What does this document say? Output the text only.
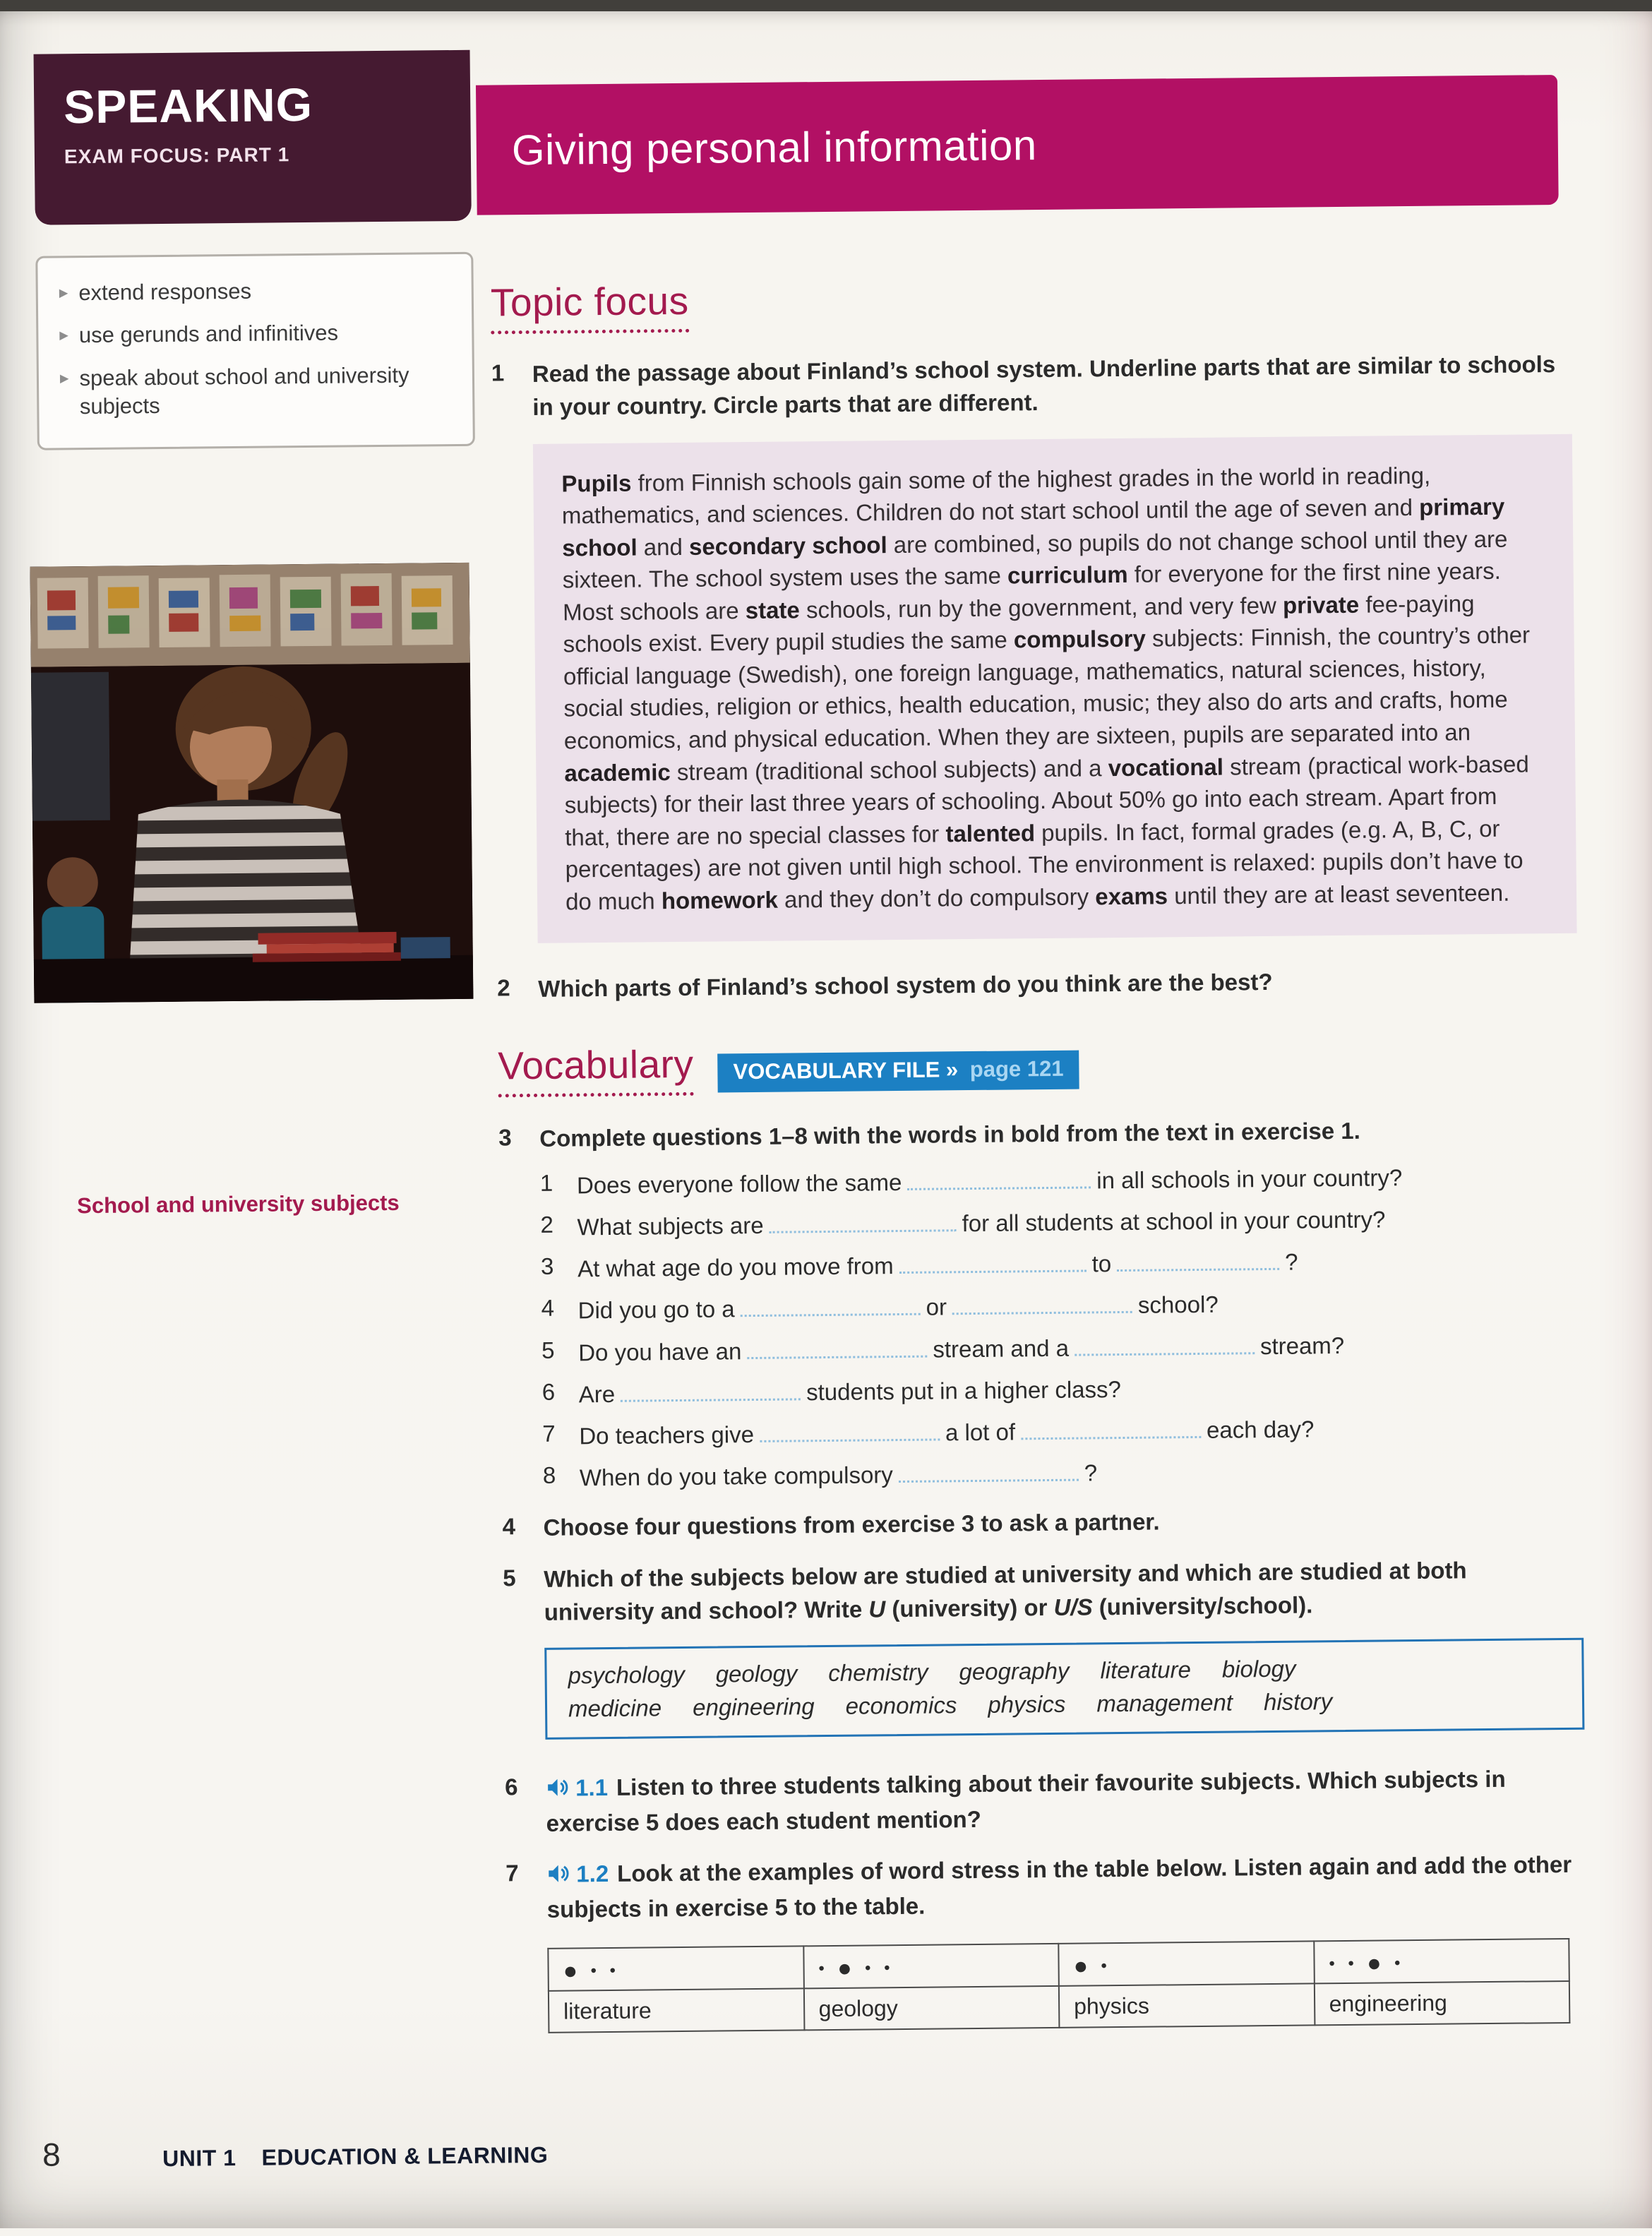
SPEAKING
EXAM FOCUS: PART 1	Giving personal information
▸ extend responses
▸ use gerunds and infinitives
▸ speak about school and university subjects
School and university subjects
Topic focus
1	Read the passage about Finland’s school system. Underline parts that are similar to schools in your country. Circle parts that are different.
Pupils from Finnish schools gain some of the highest grades in the world in reading, mathematics, and sciences. Children do not start school until the age of seven and primary school and secondary school are combined, so pupils do not change school until they are sixteen. The school system uses the same curriculum for everyone for the first nine years. Most schools are state schools, run by the government, and very few private fee-paying schools exist. Every pupil studies the same compulsory subjects: Finnish, the country’s other official language (Swedish), one foreign language, mathematics, natural sciences, history, social studies, religion or ethics, health education, music; they also do arts and crafts, home economics, and physical education. When they are sixteen, pupils are separated into an academic stream (traditional school subjects) and a vocational stream (practical work-based subjects) for their last three years of schooling. About 50% go into each stream. Apart from that, there are no special classes for talented pupils. In fact, formal grades (e.g. A, B, C, or percentages) are not given until high school. The environment is relaxed: pupils don’t have to do much homework and they don’t do compulsory exams until they are at least seventeen.
2	Which parts of Finland’s school system do you think are the best?
Vocabulary	VOCABULARY FILE » page 121
3	Complete questions 1–8 with the words in bold from the text in exercise 1.
1	Does everyone follow the same	in all schools in your country?
2	What subjects are	for all students at school in your country?
3	At what age do you move from	to	?
4	Did you go to a	or	school?
5	Do you have an	stream and a	stream?
6	Are	students put in a higher class?
7	Do teachers give	a lot of	each day?
8	When do you take compulsory	?
4	Choose four questions from exercise 3 to ask a partner.
5	Which of the subjects below are studied at university and which are studied at both university and school? Write U (university) or U/S (university/school).
psychology geology chemistry geography literature biology
medicine engineering economics physics management history
6	1.1 Listen to three students talking about their favourite subjects. Which subjects in exercise 5 does each student mention?
7	1.2 Look at the examples of word stress in the table below. Listen again and add the other subjects in exercise 5 to the table.
● ● ●	● ● ● ●	● ●	● ● ● ●
literature	geology	physics	engineering
8	UNIT 1 EDUCATION & LEARNING
